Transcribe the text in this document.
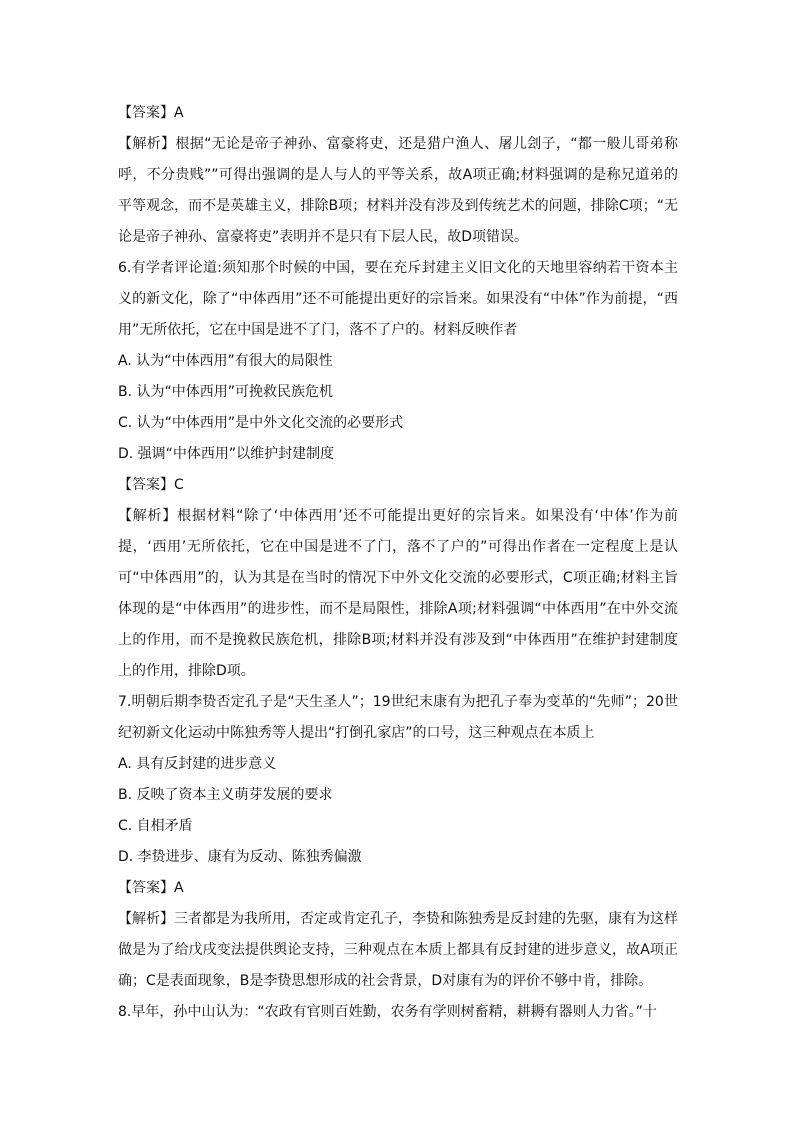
【答案】A

【解析】根据“无论是帝子神孙、富豪将吏，还是猎户渔人、屠儿刽子，“都一般儿哥弟称呼，不分贵贱””可得出强调的是人与人的平等关系，故A项正确;材料强调的是称兄道弟的平等观念，而不是英雄主义，排除B项；材料并没有涉及到传统艺术的问题，排除C项；“无论是帝子神孙、富豪将吏”表明并不是只有下层人民，故D项错误。

6.有学者评论道:须知那个时候的中国，要在充斥封建主义旧文化的天地里容纳若干资本主义的新文化，除了“中体西用”还不可能提出更好的宗旨来。如果没有“中体”作为前提，“西用”无所依托，它在中国是进不了门，落不了户的。材料反映作者

A. 认为“中体西用”有很大的局限性

B. 认为“中体西用”可挽救民族危机

C. 认为“中体西用”是中外文化交流的必要形式

D. 强调“中体西用”以维护封建制度

【答案】C

【解析】根据材料“除了‘中体西用’还不可能提出更好的宗旨来。如果没有‘中体’作为前提，‘西用’无所依托，它在中国是进不了门，落不了户的”可得出作者在一定程度上是认可“中体西用”的，认为其是在当时的情况下中外文化交流的必要形式，C项正确;材料主旨体现的是“中体西用”的进步性，而不是局限性，排除A项;材料强调“中体西用”在中外交流上的作用，而不是挽救民族危机，排除B项;材料并没有涉及到“中体西用”在维护封建制度上的作用，排除D项。

7.明朝后期李贽否定孔子是“天生圣人”；19世纪末康有为把孔子奉为变革的“先师”；20世纪初新文化运动中陈独秀等人提出“打倒孔家店”的口号，这三种观点在本质上

A. 具有反封建的进步意义

B. 反映了资本主义萌芽发展的要求

C. 自相矛盾

D. 李贽进步、康有为反动、陈独秀偏激

【答案】A

【解析】三者都是为我所用，否定或肯定孔子，李贽和陈独秀是反封建的先驱，康有为这样做是为了给戊戌变法提供舆论支持，三种观点在本质上都具有反封建的进步意义，故A项正确；C是表面现象，B是李贽思想形成的社会背景，D对康有为的评价不够中肯，排除。

8.早年，孙中山认为：“农政有官则百姓勤，农务有学则树畜精，耕耨有器则人力省。”十
